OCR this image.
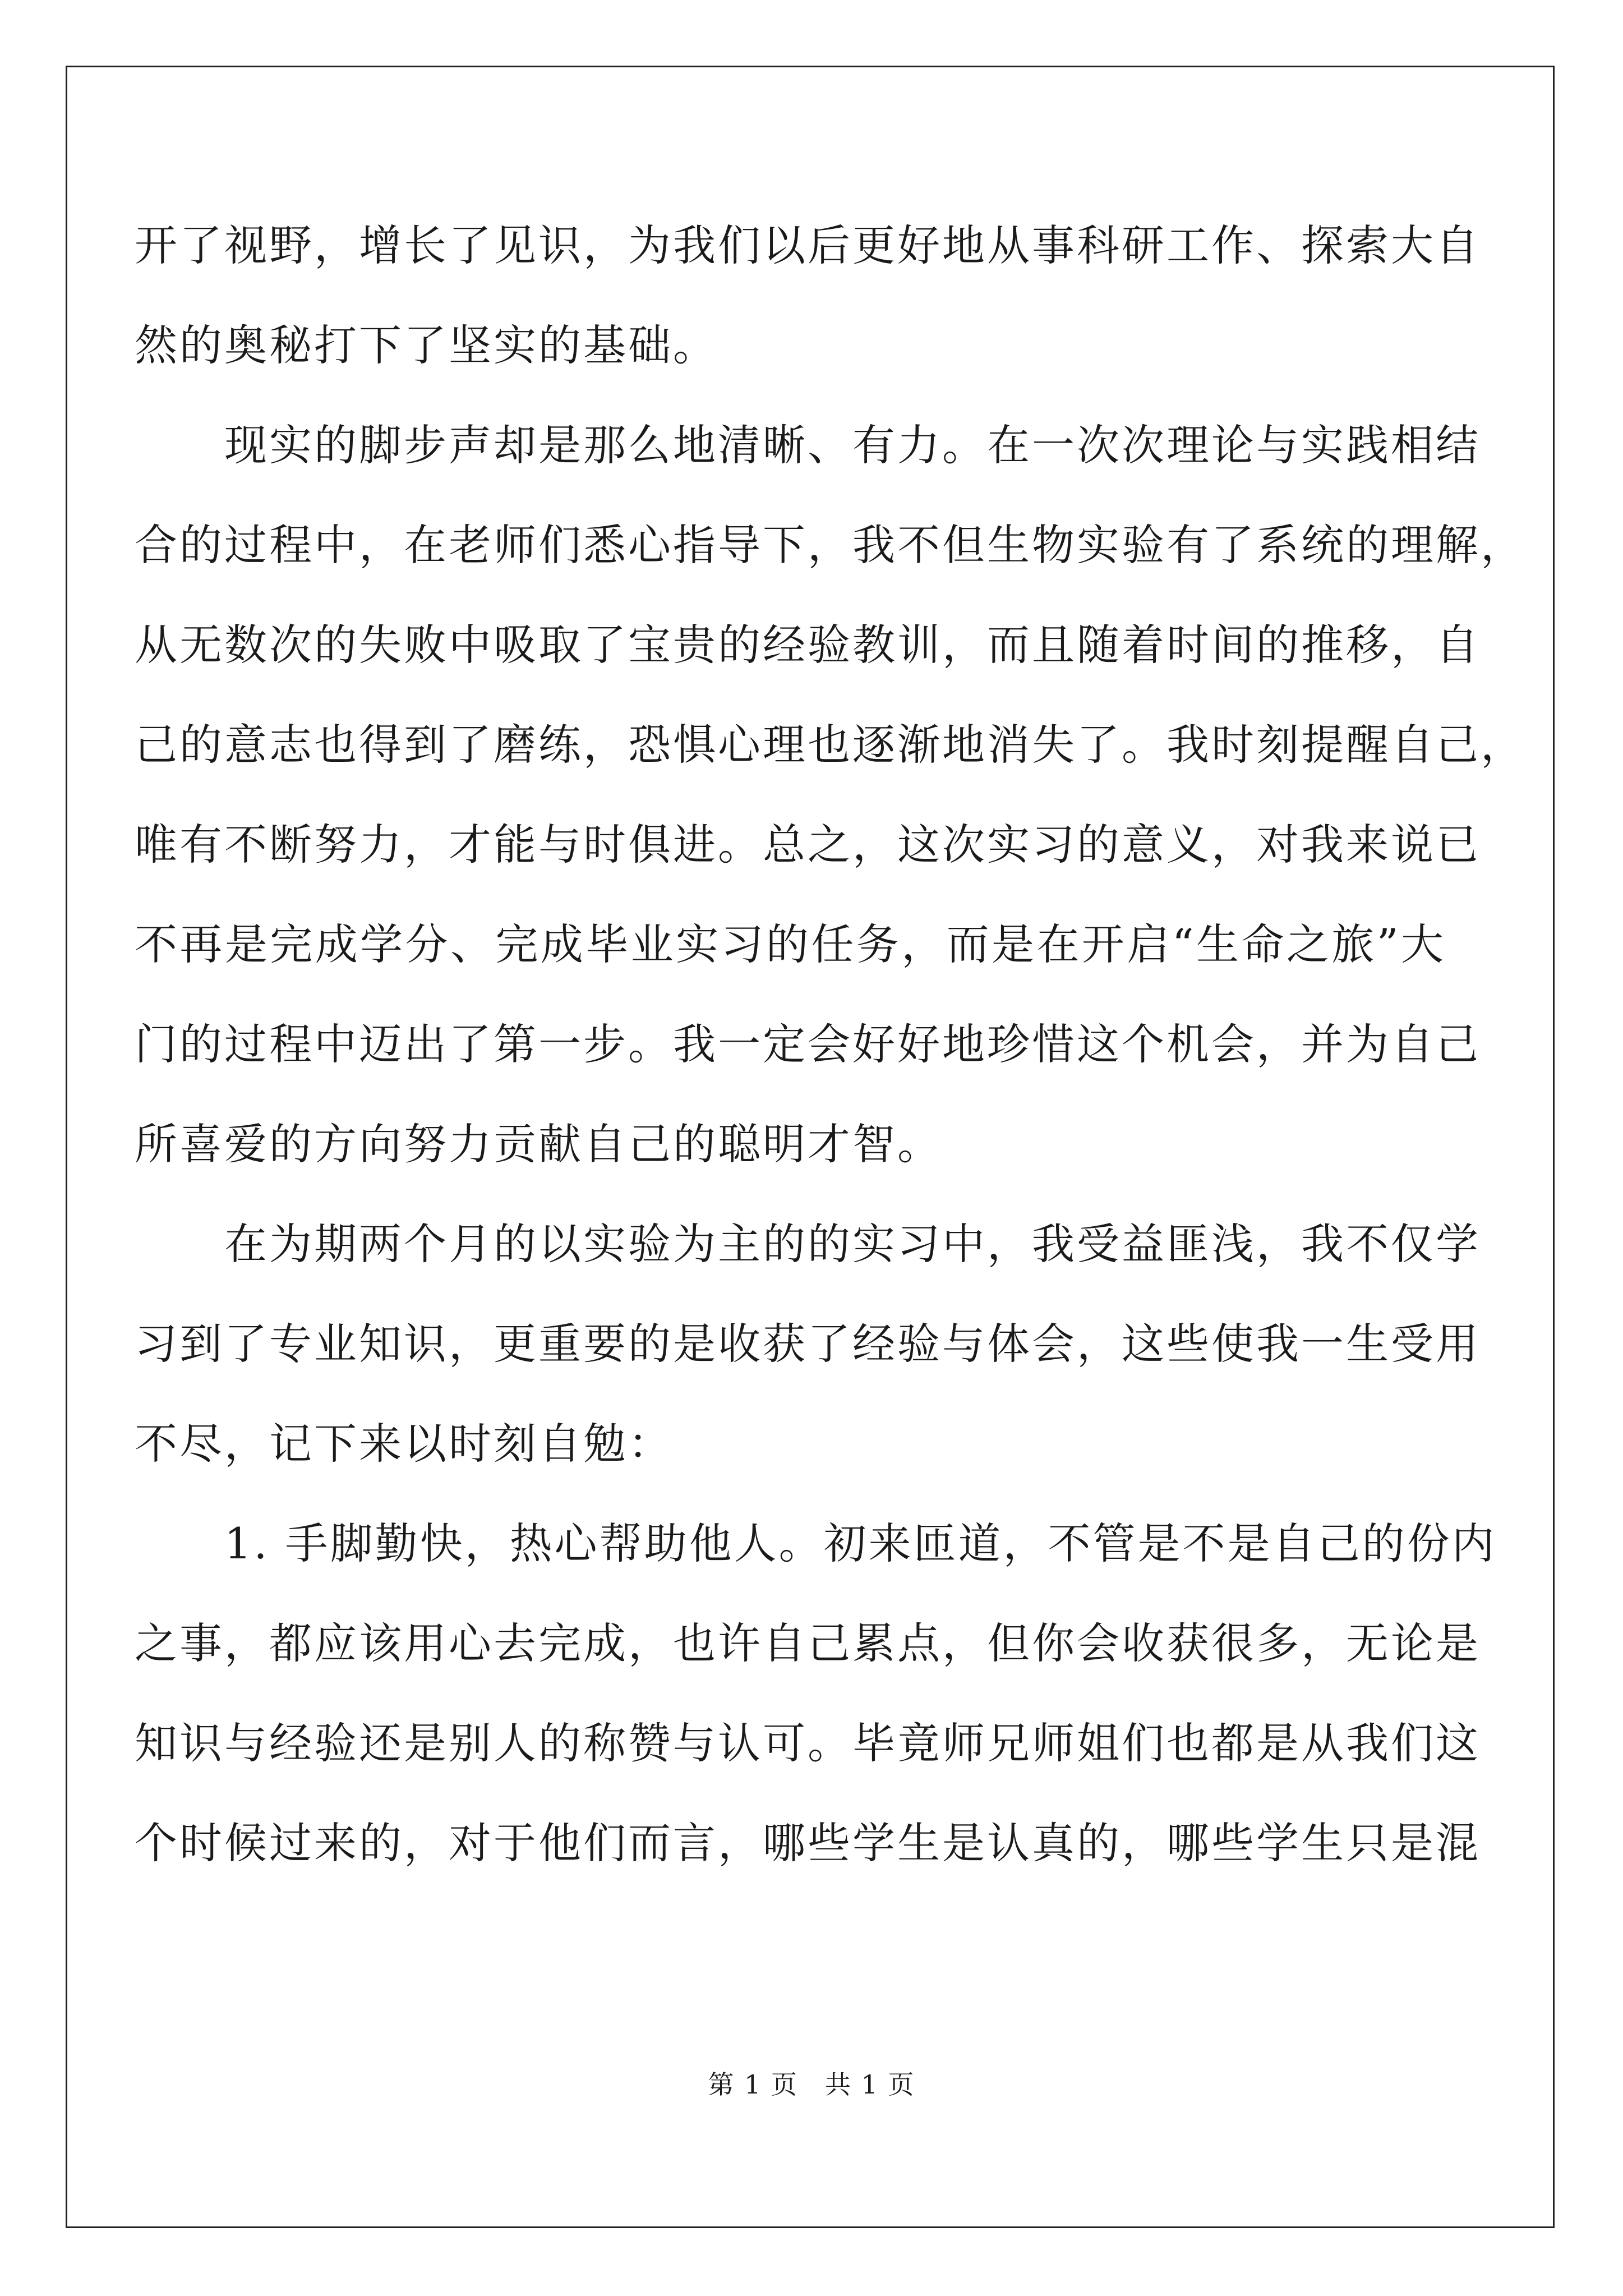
开了视野，增长了见识，为我们以后更好地从事科研工作、探索大自
然的奥秘打下了坚实的基础。
现实的脚步声却是那么地清晰、有力。在一次次理论与实践相结
合的过程中，在老师们悉心指导下，我不但生物实验有了系统的理解，
从无数次的失败中吸取了宝贵的经验教训，而且随着时间的推移，自
己的意志也得到了磨练，恐惧心理也逐渐地消失了。我时刻提醒自己，
唯有不断努力，才能与时俱进。总之，这次实习的意义，对我来说已
不再是完成学分、完成毕业实习的任务，而是在开启“生命之旅”大
门的过程中迈出了第一步。我一定会好好地珍惜这个机会，并为自己
所喜爱的方向努力贡献自己的聪明才智。
在为期两个月的以实验为主的的实习中，我受益匪浅，我不仅学
习到了专业知识，更重要的是收获了经验与体会，这些使我一生受用
不尽，记下来以时刻自勉：
1. 手脚勤快，热心帮助他人。初来匝道，不管是不是自己的份内
之事，都应该用心去完成，也许自己累点，但你会收获很多，无论是
知识与经验还是别人的称赞与认可。毕竟师兄师姐们也都是从我们这
个时候过来的，对于他们而言，哪些学生是认真的，哪些学生只是混
第 1 页　共 1 页
